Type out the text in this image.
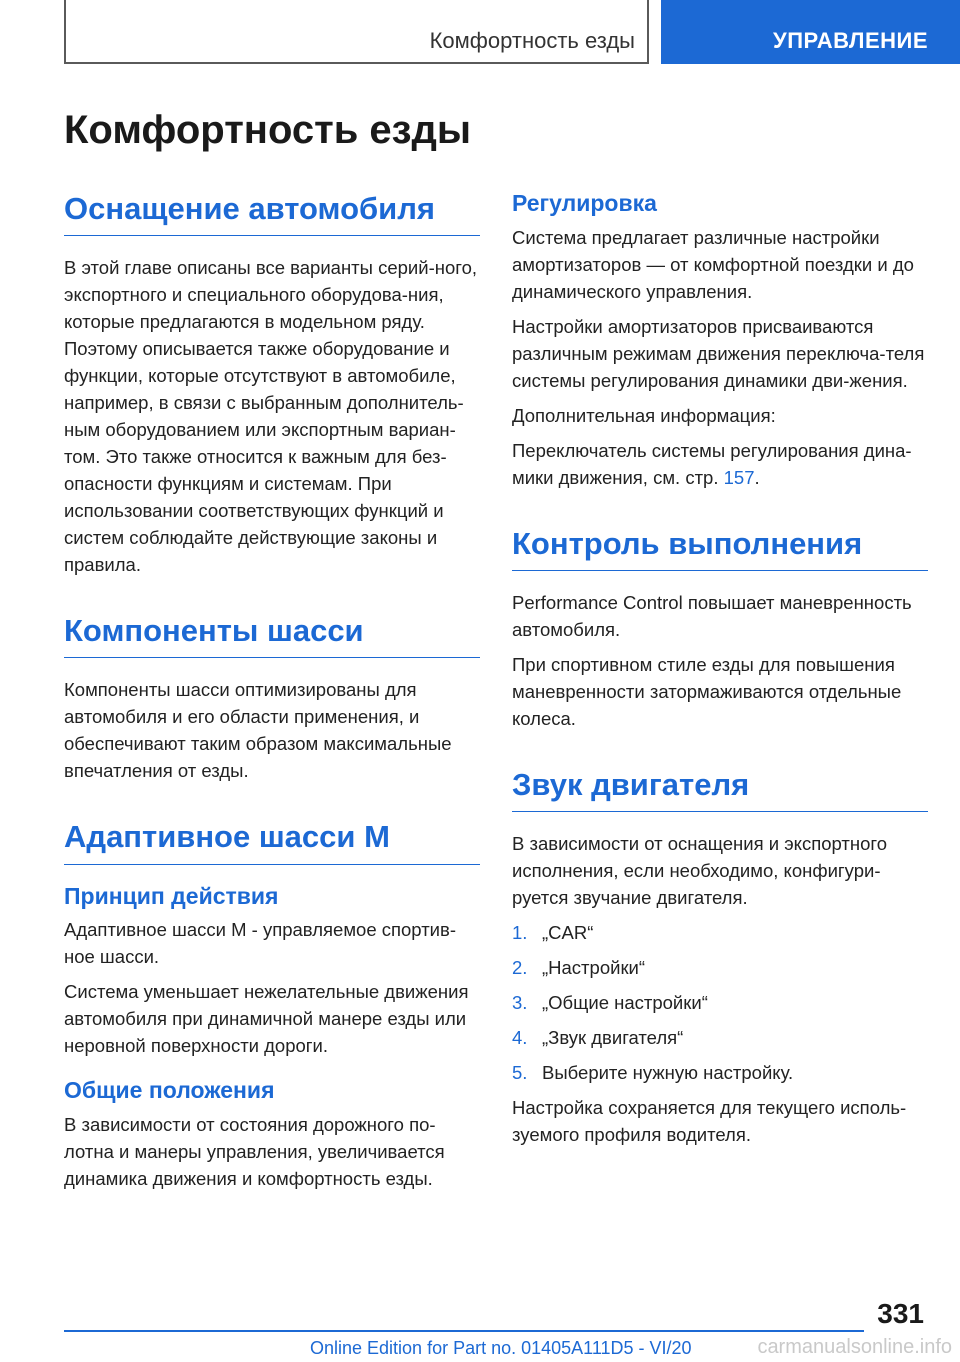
Комфортность езды	УПРАВЛЕНИЕ
Комфортность езды
Оснащение автомобиля

В этой главе описаны все варианты серий-ного, экспортного и специального оборудова-ния, которые предлагаются в модельном ряду. Поэтому описывается также оборудование и функции, которые отсутствуют в автомобиле, например, в связи с выбранным дополнитель-ным оборудованием или экспортным вариан-том. Это также относится к важным для без-опасности функциям и системам. При использовании соответствующих функций и систем соблюдайте действующие законы и правила.

Компоненты шасси

Компоненты шасси оптимизированы для автомобиля и его области применения, и обеспечивают таким образом максимальные впечатления от езды.

Адаптивное шасси M
Принцип действия

Адаптивное шасси M - управляемое спортив-ное шасси.

Система уменьшает нежелательные движения автомобиля при динамичной манере езды или неровной поверхности дороги.

Общие положения

В зависимости от состояния дорожного по-лотна и манеры управления, увеличивается динамика движения и комфортность езды.

Регулировка

Система предлагает различные настройки амортизаторов — от комфортной поездки и до динамического управления.

Настройки амортизаторов присваиваются различным режимам движения переключа-теля системы регулирования динамики дви-жения.

Дополнительная информация:

Переключатель системы регулирования дина-мики движения, см. стр. 157.

Контроль выполнения

Performance Control повышает маневренность автомобиля.

При спортивном стиле езды для повышения маневренности затормаживаются отдельные колеса.

Звук двигателя

В зависимости от оснащения и экспортного исполнения, если необходимо, конфигури-руется звучание двигателя.

1. „CAR“
2. „Настройки“
3. „Общие настройки“
4. „Звук двигателя“
5. Выберите нужную настройку.

Настройка сохраняется для текущего исполь-зуемого профиля водителя.

331
Online Edition for Part no. 01405A111D5 - VI/20	carmanualsonline.info
